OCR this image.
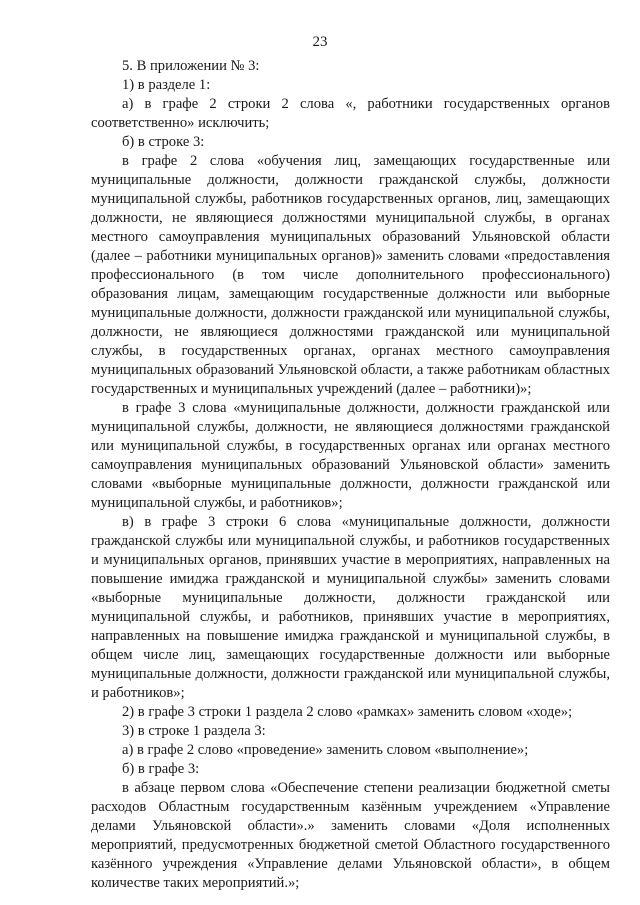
23

5. В приложении № 3:

1) в разделе 1:

а) в графе 2 строки 2 слова «, работники государственных органов соответственно» исключить;

б) в строке 3:

в графе 2 слова «обучения лиц, замещающих государственные или муниципальные должности, должности гражданской службы, должности муниципальной службы, работников государственных органов, лиц, замещающих должности, не являющиеся должностями муниципальной службы, в органах местного самоуправления муниципальных образований Ульяновской области (далее – работники муниципальных органов)» заменить словами «предоставления профессионального (в том числе дополнительного профессионального) образования лицам, замещающим государственные должности или выборные муниципальные должности, должности гражданской или муниципальной службы, должности, не являющиеся должностями гражданской или муниципальной службы, в государственных органах, органах местного самоуправления муниципальных образований Ульяновской области, а также работникам областных государственных и муниципальных учреждений (далее – работники)»;

в графе 3 слова «муниципальные должности, должности гражданской или муниципальной службы, должности, не являющиеся должностями гражданской или муниципальной службы, в государственных органах или органах местного самоуправления муниципальных образований Ульяновской области» заменить словами «выборные муниципальные должности, должности гражданской или муниципальной службы, и работников»;

в) в графе 3 строки 6 слова «муниципальные должности, должности гражданской службы или муниципальной службы, и работников государственных и муниципальных органов, принявших участие в мероприятиях, направленных на повышение имиджа гражданской и муниципальной службы» заменить словами «выборные муниципальные должности, должности гражданской или муниципальной службы, и работников, принявших участие в мероприятиях, направленных на повышение имиджа гражданской и муниципальной службы, в общем числе лиц, замещающих государственные должности или выборные муниципальные должности, должности гражданской или муниципальной службы, и работников»;

2) в графе 3 строки 1 раздела 2 слово «рамках» заменить словом «ходе»;

3) в строке 1 раздела 3:

а) в графе 2 слово «проведение» заменить словом «выполнение»;

б) в графе 3:

в абзаце первом слова «Обеспечение степени реализации бюджетной сметы расходов Областным государственным казённым учреждением «Управление делами Ульяновской области».» заменить словами «Доля исполненных мероприятий, предусмотренных бюджетной сметой Областного государственного казённого учреждения «Управление делами Ульяновской области», в общем количестве таких мероприятий.»;
